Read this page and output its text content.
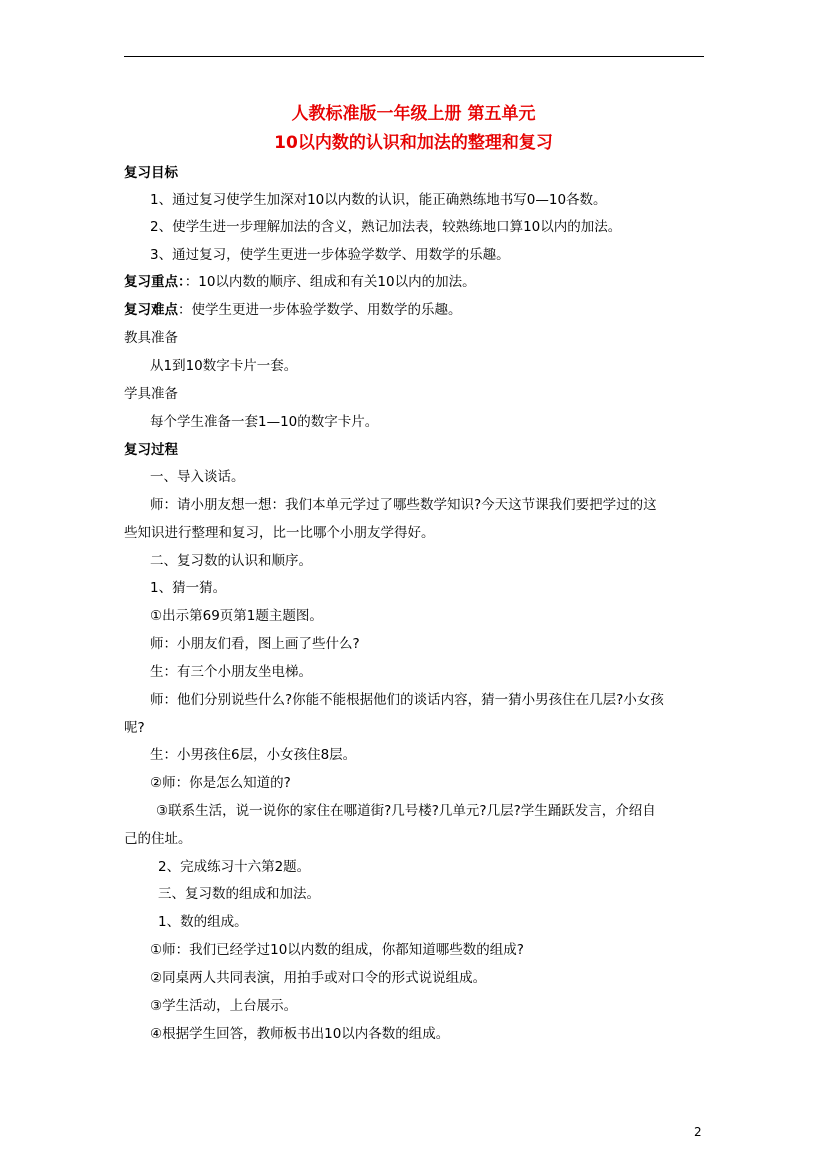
人教标准版一年级上册 第五单元
10以内数的认识和加法的整理和复习
复习目标
1、通过复习使学生加深对10以内数的认识，能正确熟练地书写0—10各数。
2、使学生进一步理解加法的含义，熟记加法表，较熟练地口算10以内的加法。
3、通过复习，使学生更进一步体验学数学、用数学的乐趣。
复习重点：：10以内数的顺序、组成和有关10以内的加法。
复习难点：使学生更进一步体验学数学、用数学的乐趣。
教具准备
从1到10数字卡片一套。
学具准备
每个学生准备一套1—10的数字卡片。
复习过程
一、导入谈话。
师：请小朋友想一想：我们本单元学过了哪些数学知识?今天这节课我们要把学过的这
些知识进行整理和复习，比一比哪个小朋友学得好。
二、复习数的认识和顺序。
1、猜一猜。
①出示第69页第1题主题图。
师：小朋友们看，图上画了些什么?
生：有三个小朋友坐电梯。
师：他们分别说些什么?你能不能根据他们的谈话内容，猜一猜小男孩住在几层?小女孩
呢?
生：小男孩住6层，小女孩住8层。
②师：你是怎么知道的?
③联系生活，说一说你的家住在哪道街?几号楼?几单元?几层?学生踊跃发言，介绍自
己的住址。
2、完成练习十六第2题。
三、复习数的组成和加法。
1、数的组成。
①师：我们已经学过10以内数的组成，你都知道哪些数的组成?
②同桌两人共同表演，用拍手或对口令的形式说说组成。
③学生活动，上台展示。
④根据学生回答，教师板书出10以内各数的组成。
2
